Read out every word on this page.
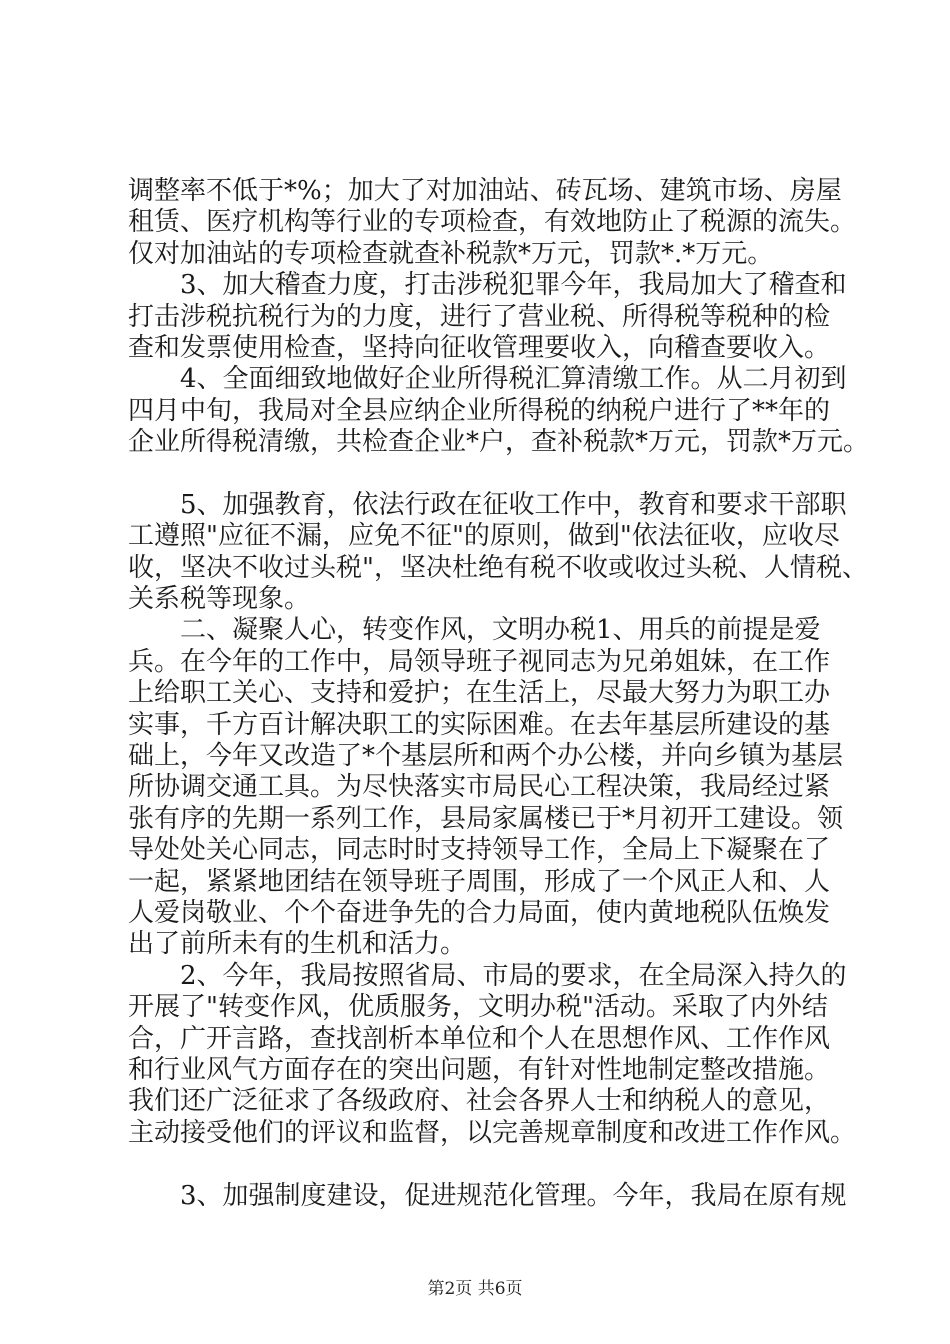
调整率不低于*%；加大了对加油站、砖瓦场、建筑市场、房屋
租赁、医疗机构等行业的专项检查，有效地防止了税源的流失。
仅对加油站的专项检查就查补税款*万元，罚款*.*万元。
　　3、加大稽查力度，打击涉税犯罪今年，我局加大了稽查和
打击涉税抗税行为的力度，进行了营业税、所得税等税种的检
查和发票使用检查，坚持向征收管理要收入，向稽查要收入。
　　4、全面细致地做好企业所得税汇算清缴工作。从二月初到
四月中旬，我局对全县应纳企业所得税的纳税户进行了**年的
企业所得税清缴，共检查企业*户，查补税款*万元，罚款*万元。
　　5、加强教育，依法行政在征收工作中，教育和要求干部职
工遵照"应征不漏，应免不征"的原则，做到"依法征收，应收尽
收，坚决不收过头税"，坚决杜绝有税不收或收过头税、人情税、
关系税等现象。
　　二、凝聚人心，转变作风，文明办税1、用兵的前提是爱
兵。在今年的工作中，局领导班子视同志为兄弟姐妹，在工作
上给职工关心、支持和爱护；在生活上，尽最大努力为职工办
实事，千方百计解决职工的实际困难。在去年基层所建设的基
础上，今年又改造了*个基层所和两个办公楼，并向乡镇为基层
所协调交通工具。为尽快落实市局民心工程决策，我局经过紧
张有序的先期一系列工作，县局家属楼已于*月初开工建设。领
导处处关心同志，同志时时支持领导工作，全局上下凝聚在了
一起，紧紧地团结在领导班子周围，形成了一个风正人和、人
人爱岗敬业、个个奋进争先的合力局面，使内黄地税队伍焕发
出了前所未有的生机和活力。
　　2、今年，我局按照省局、市局的要求，在全局深入持久的
开展了"转变作风，优质服务，文明办税"活动。采取了内外结
合，广开言路，查找剖析本单位和个人在思想作风、工作作风
和行业风气方面存在的突出问题，有针对性地制定整改措施。
我们还广泛征求了各级政府、社会各界人士和纳税人的意见，
主动接受他们的评议和监督，以完善规章制度和改进工作作风。
　　3、加强制度建设，促进规范化管理。今年，我局在原有规
第2页 共6页
